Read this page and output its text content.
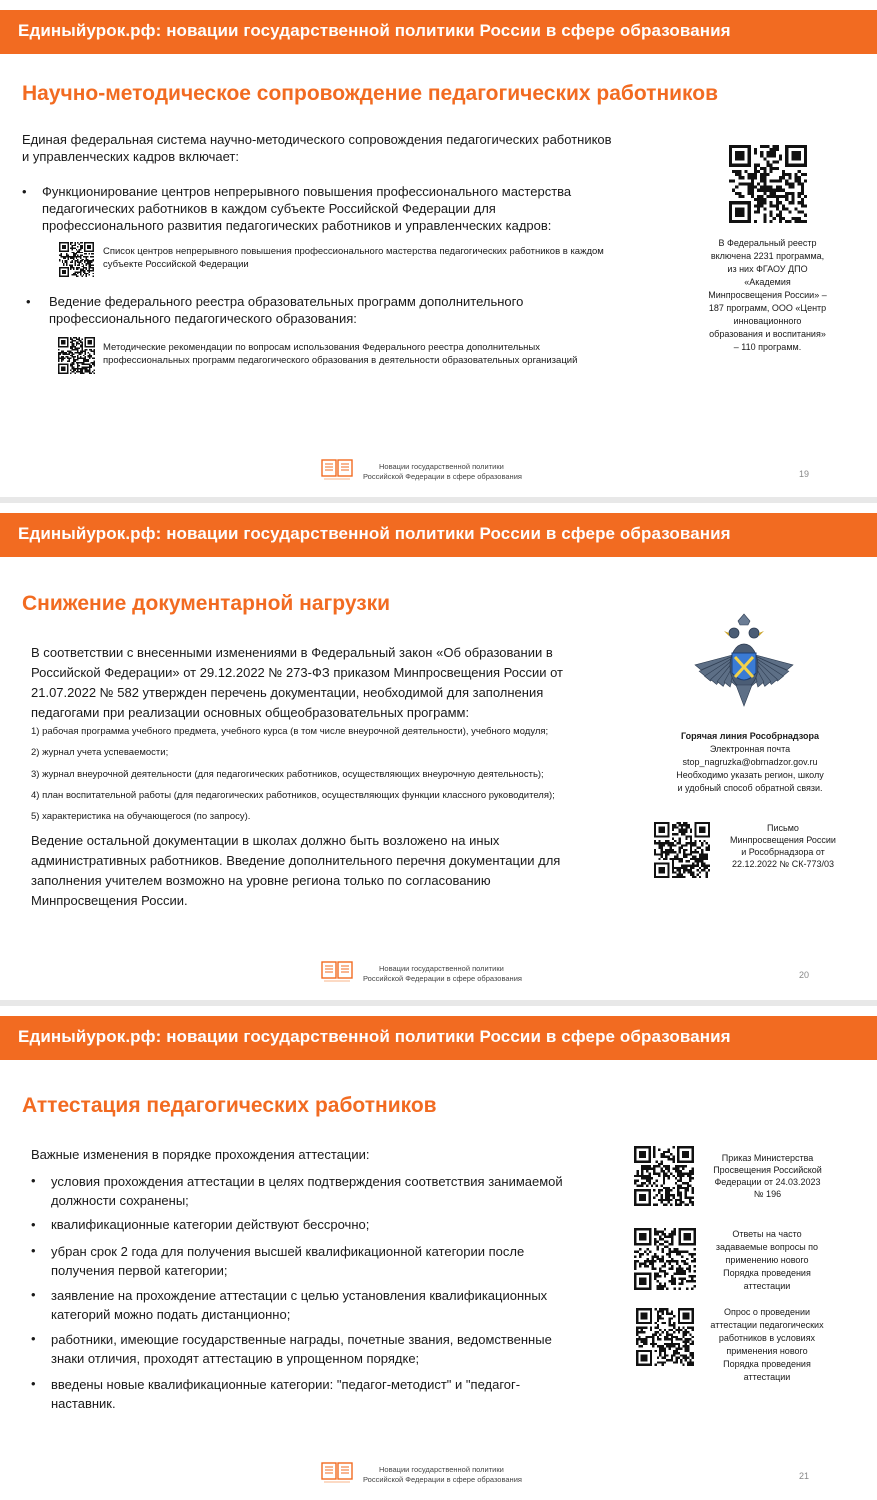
Единыйурок.рф: новации государственной политики России в сфере образования
Научно-методическое сопровождение педагогических работников
Единая федеральная система научно-методического сопровождения педагогических работников
и управленческих кадров включает:
• Функционирование центров непрерывного повышения профессионального мастерства
педагогических работников в каждом субъекте Российской Федерации для
профессионального развития педагогических работников и управленческих кадров:
Список центров непрерывного повышения профессионального мастерства педагогических работников в каждом
субъекте Российской Федерации
• Ведение федерального реестра образовательных программ дополнительного
профессионального педагогического образования:
Методические рекомендации по вопросам использования Федерального реестра дополнительных
профессиональных программ педагогического образования в деятельности образовательных организаций
В Федеральный реестр
включена 2231 программа,
из них ФГАОУ ДПО
«Академия
Минпросвещения России» –
187 программ, ООО «Центр
инновационного
образования и воспитания»
– 110 программ.
Новации государственной политики
Российской Федерации в сфере образования	19
Единыйурок.рф: новации государственной политики России в сфере образования
Снижение документарной нагрузки
В соответствии с внесенными изменениями в Федеральный закон «Об образовании в
Российской Федерации» от 29.12.2022 № 273-ФЗ приказом Минпросвещения России от
21.07.2022 № 582 утвержден перечень документации, необходимой для заполнения
педагогами при реализации основных общеобразовательных программ:
1) рабочая программа учебного предмета, учебного курса (в том числе внеурочной деятельности), учебного модуля;
2) журнал учета успеваемости;
3) журнал внеурочной деятельности (для педагогических работников, осуществляющих внеурочную деятельность);
4) план воспитательной работы (для педагогических работников, осуществляющих функции классного руководителя);
5) характеристика на обучающегося (по запросу).
Ведение остальной документации в школах должно быть возложено на иных
административных работников. Введение дополнительного перечня документации для
заполнения учителем возможно на уровне региона только по согласованию
Минпросвещения России.
Горячая линия Рособрнадзора
Электронная почта
stop_nagruzka@obrnadzor.gov.ru
Необходимо указать регион, школу
и удобный способ обратной связи.
Письмо
Минпросвещения России
и Рособрнадзора от
22.12.2022 № СК-773/03
Новации государственной политики
Российской Федерации в сфере образования	20
Единыйурок.рф: новации государственной политики России в сфере образования
Аттестация педагогических работников
Важные изменения в порядке прохождения аттестации:
• условия прохождения аттестации в целях подтверждения соответствия занимаемой
должности сохранены;
• квалификационные категории действуют бессрочно;
• убран срок 2 года для получения высшей квалификационной категории после
получения первой категории;
• заявление на прохождение аттестации с целью установления квалификационных
категорий можно подать дистанционно;
• работники, имеющие государственные награды, почетные звания, ведомственные
знаки отличия, проходят аттестацию в упрощенном порядке;
• введены новые квалификационные категории: "педагог-методист" и "педагог-
наставник.
Приказ Министерства
Просвещения Российской
Федерации от 24.03.2023
№ 196
Ответы на часто
задаваемые вопросы по
применению нового
Порядка проведения
аттестации
Опрос о проведении
аттестации педагогических
работников в условиях
применения нового
Порядка проведения
аттестации
Новации государственной политики
Российской Федерации в сфере образования	21
